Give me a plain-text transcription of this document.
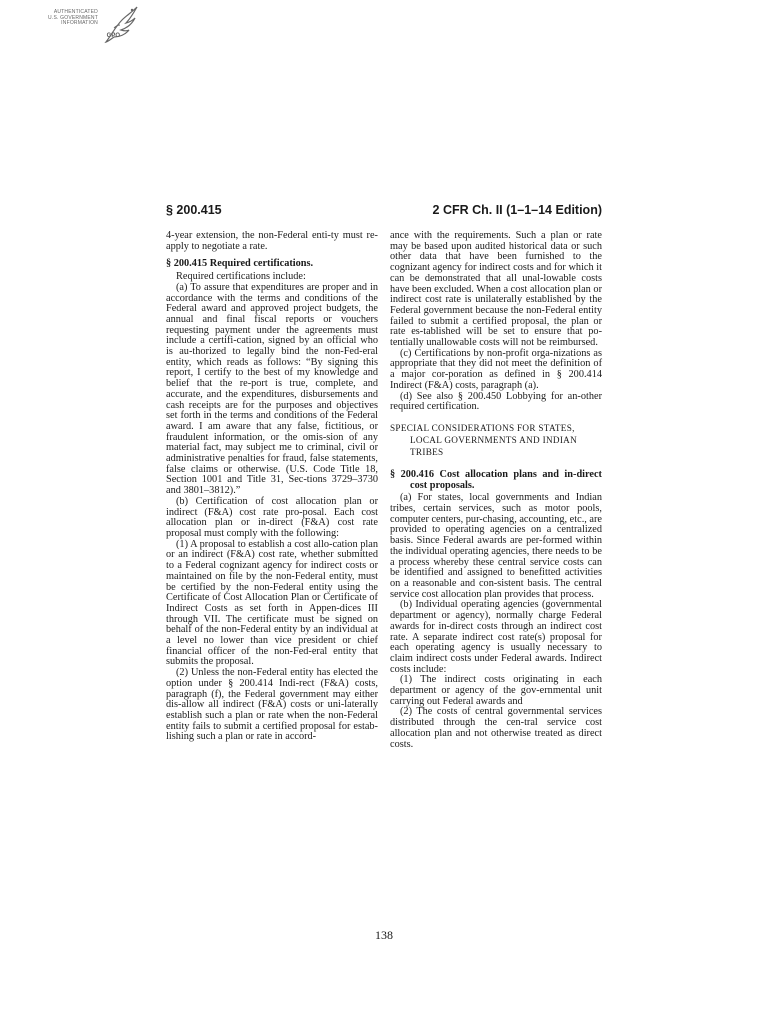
AUTHENTICATED
U.S. GOVERNMENT
INFORMATION
GPO
§ 200.415	2 CFR Ch. II (1–1–14 Edition)

4-year extension, the non-Federal enti-ty must re-apply to negotiate a rate.

§ 200.415 Required certifications.

Required certifications include:

(a) To assure that expenditures are proper and in accordance with the terms and conditions of the Federal award and approved project budgets, the annual and final fiscal reports or vouchers requesting payment under the agreements must include a certifi-cation, signed by an official who is au-thorized to legally bind the non-Fed-eral entity, which reads as follows: “By signing this report, I certify to the best of my knowledge and belief that the re-port is true, complete, and accurate, and the expenditures, disbursements and cash receipts are for the purposes and objectives set forth in the terms and conditions of the Federal award. I am aware that any false, fictitious, or fraudulent information, or the omis-sion of any material fact, may subject me to criminal, civil or administrative penalties for fraud, false statements, false claims or otherwise. (U.S. Code Title 18, Section 1001 and Title 31, Sec-tions 3729–3730 and 3801–3812).”

(b) Certification of cost allocation plan or indirect (F&A) cost rate pro-posal. Each cost allocation plan or in-direct (F&A) cost rate proposal must comply with the following:

(1) A proposal to establish a cost allo-cation plan or an indirect (F&A) cost rate, whether submitted to a Federal cognizant agency for indirect costs or maintained on file by the non-Federal entity, must be certified by the non-Federal entity using the Certificate of Cost Allocation Plan or Certificate of Indirect Costs as set forth in Appen-dices III through VII. The certificate must be signed on behalf of the non-Federal entity by an individual at a level no lower than vice president or chief financial officer of the non-Fed-eral entity that submits the proposal.

(2) Unless the non-Federal entity has elected the option under § 200.414 Indi-rect (F&A) costs, paragraph (f), the Federal government may either dis-allow all indirect (F&A) costs or uni-laterally establish such a plan or rate when the non-Federal entity fails to submit a certified proposal for estab-lishing such a plan or rate in accord-

ance with the requirements. Such a plan or rate may be based upon audited historical data or such other data that have been furnished to the cognizant agency for indirect costs and for which it can be demonstrated that all unal-lowable costs have been excluded. When a cost allocation plan or indirect cost rate is unilaterally established by the Federal government because the non-Federal entity failed to submit a certified proposal, the plan or rate es-tablished will be set to ensure that po-tentially unallowable costs will not be reimbursed.

(c) Certifications by non-profit orga-nizations as appropriate that they did not meet the definition of a major cor-poration as defined in § 200.414 Indirect (F&A) costs, paragraph (a).

(d) See also § 200.450 Lobbying for an-other required certification.

SPECIAL CONSIDERATIONS FOR STATES, LOCAL GOVERNMENTS AND INDIAN TRIBES

§ 200.416 Cost allocation plans and in-direct cost proposals.

(a) For states, local governments and Indian tribes, certain services, such as motor pools, computer centers, pur-chasing, accounting, etc., are provided to operating agencies on a centralized basis. Since Federal awards are per-formed within the individual operating agencies, there needs to be a process whereby these central service costs can be identified and assigned to benefitted activities on a reasonable and con-sistent basis. The central service cost allocation plan provides that process.

(b) Individual operating agencies (governmental department or agency), normally charge Federal awards for in-direct costs through an indirect cost rate. A separate indirect cost rate(s) proposal for each operating agency is usually necessary to claim indirect costs under Federal awards. Indirect costs include:

(1) The indirect costs originating in each department or agency of the gov-ernmental unit carrying out Federal awards and

(2) The costs of central governmental services distributed through the cen-tral service cost allocation plan and not otherwise treated as direct costs.

138
